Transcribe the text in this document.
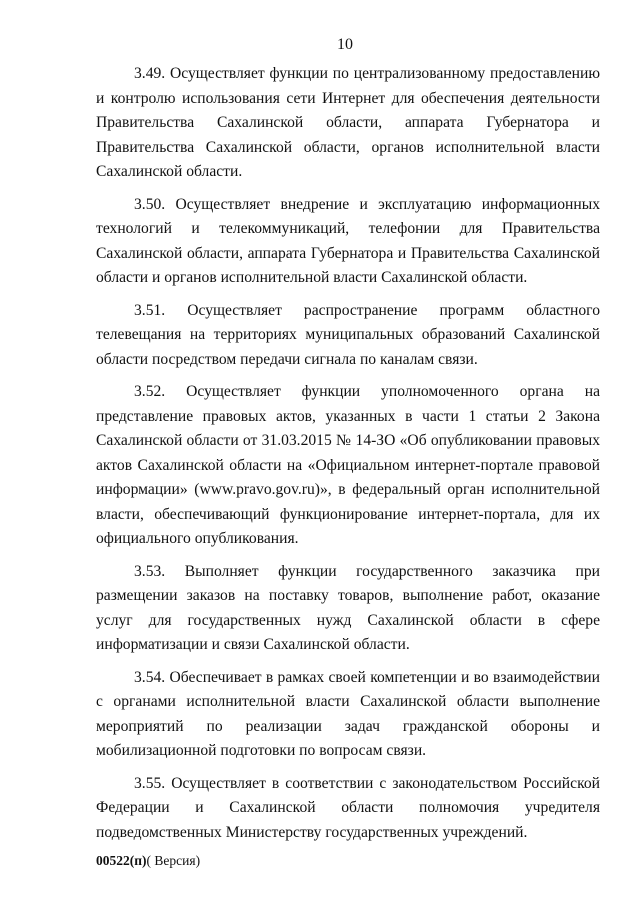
10

3.49. Осуществляет функции по централизованному предоставлению и контролю использования сети Интернет для обеспечения деятельности Правительства Сахалинской области, аппарата Губернатора и Правительства Сахалинской области, органов исполнительной власти Сахалинской области.

3.50. Осуществляет внедрение и эксплуатацию информационных технологий и телекоммуникаций, телефонии для Правительства Сахалинской области, аппарата Губернатора и Правительства Сахалинской области и органов исполнительной власти Сахалинской области.

3.51. Осуществляет распространение программ областного телевещания на территориях муниципальных образований Сахалинской области посредством передачи сигнала по каналам связи.

3.52. Осуществляет функции уполномоченного органа на представление правовых актов, указанных в части 1 статьи 2 Закона Сахалинской области от 31.03.2015 № 14-ЗО «Об опубликовании правовых актов Сахалинской области на «Официальном интернет-портале правовой информации» (www.pravo.gov.ru)», в федеральный орган исполнительной власти, обеспечивающий функционирование интернет-портала, для их официального опубликования.

3.53. Выполняет функции государственного заказчика при размещении заказов на поставку товаров, выполнение работ, оказание услуг для государственных нужд Сахалинской области в сфере информатизации и связи Сахалинской области.

3.54. Обеспечивает в рамках своей компетенции и во взаимодействии с органами исполнительной власти Сахалинской области выполнение мероприятий по реализации задач гражданской обороны и мобилизационной подготовки по вопросам связи.

3.55. Осуществляет в соответствии с законодательством Российской Федерации и Сахалинской области полномочия учредителя подведомственных Министерству государственных учреждений.

00522(п)( Версия)
